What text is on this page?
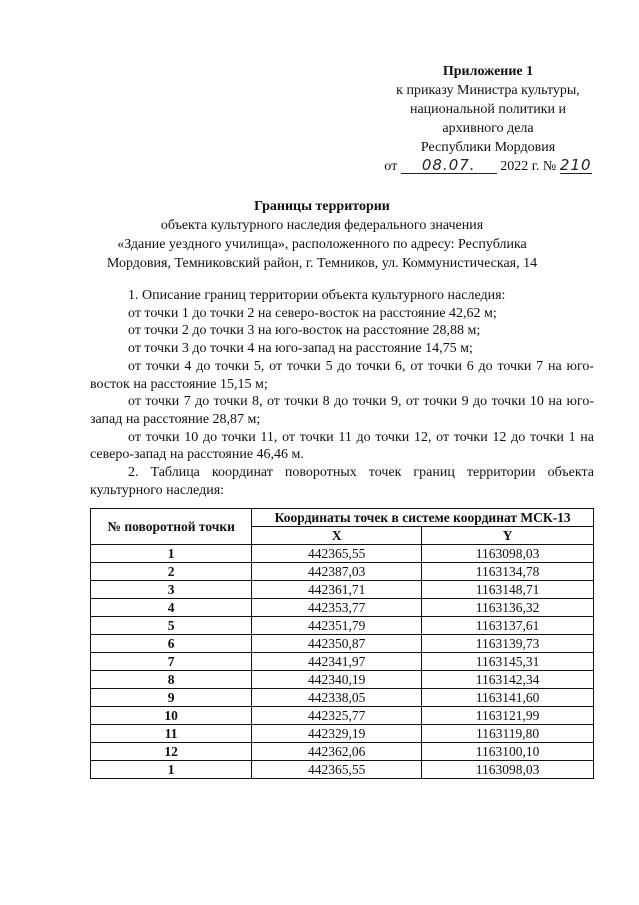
Приложение 1
к приказу Министра культуры,
национальной политики и
архивного дела
Республики Мордовия
от 08.07. 2022 г. № 210
Границы территории
объекта культурного наследия федерального значения
«Здание уездного училища», расположенного по адресу: Республика
Мордовия, Темниковский район, г. Темников, ул. Коммунистическая, 14

1. Описание границ территории объекта культурного наследия:

от точки 1 до точки 2 на северо-восток на расстояние 42,62 м;

от точки 2 до точки 3 на юго-восток на расстояние 28,88 м;

от точки 3 до точки 4 на юго-запад на расстояние 14,75 м;

от точки 4 до точки 5, от точки 5 до точки 6, от точки 6 до точки 7 на юго-восток на расстояние 15,15 м;

от точки 7 до точки 8, от точки 8 до точки 9, от точки 9 до точки 10 на юго-запад на расстояние 28,87 м;

от точки 10 до точки 11, от точки 11 до точки 12, от точки 12 до точки 1 на северо-запад на расстояние 46,46 м.

2. Таблица координат поворотных точек границ территории объекта культурного наследия:

№ поворотной точки	Координаты точек в системе координат МСК-13	
	X	Y
1	442365,55	1163098,03
2	442387,03	1163134,78
3	442361,71	1163148,71
4	442353,77	1163136,32
5	442351,79	1163137,61
6	442350,87	1163139,73
7	442341,97	1163145,31
8	442340,19	1163142,34
9	442338,05	1163141,60
10	442325,77	1163121,99
11	442329,19	1163119,80
12	442362,06	1163100,10
1	442365,55	1163098,03
